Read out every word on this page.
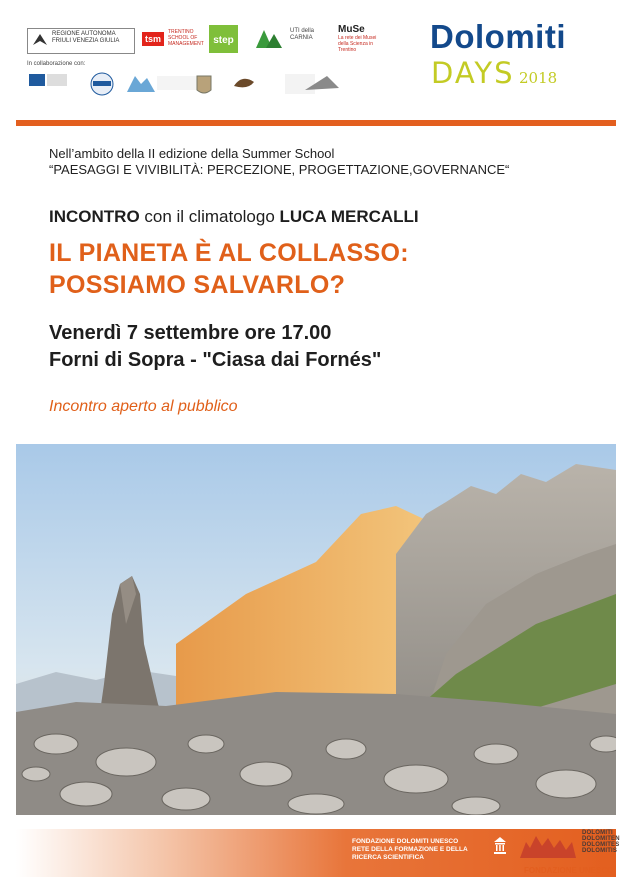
REGIONE AUTONOMA FRIULI VENEZIA GIULIA	tsm
TRENTINO SCHOOL OF MANAGEMENT step
UTI della CARNIA
MuSe
La rete dei Musei della Scienza in Trentino
In collaborazione con:
Dolomiti
DAYS 2018
Nell’ambito della II edizione della Summer School
“PAESAGGI E VIVIBILITÀ: PERCEZIONE, PROGETTAZIONE,GOVERNANCE“
INCONTRO con il climatologo LUCA MERCALLI
IL PIANETA È AL COLLASSO:
POSSIAMO SALVARLO?
Venerdì 7 settembre ore 17.00
Forni di Sopra - "Ciasa dai Fornés"
Incontro aperto al pubblico
FONDAZIONE DOLOMITI UNESCO
RETE DELLA FORMAZIONE E DELLA
RICERCA SCIENTIFICA
DOLOMITI
DOLOMITEN
DOLOMITES
DOLOMITIS
FONDAZIONE UNESCO
